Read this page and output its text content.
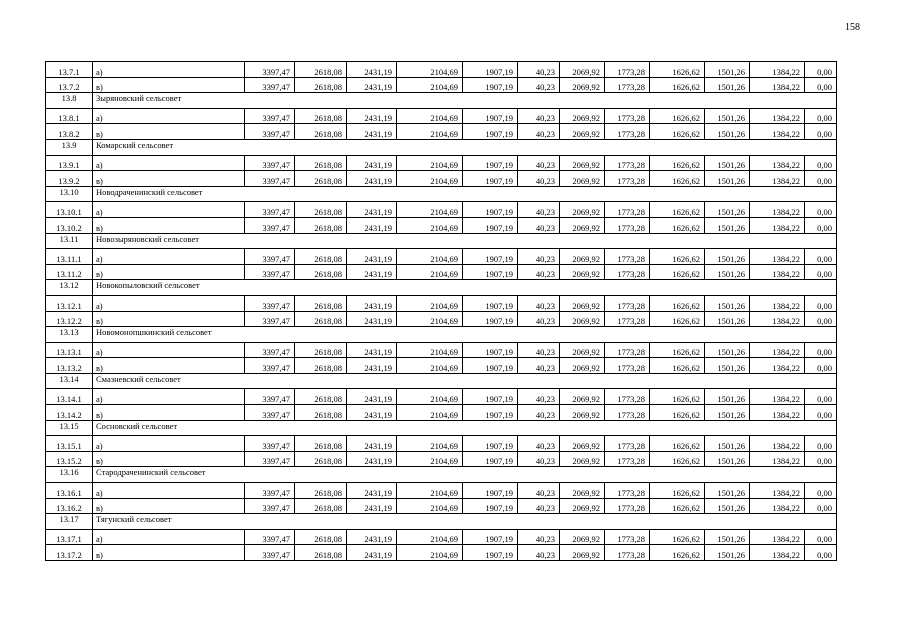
158
13.7.1	а)	3397,47	2618,08	2431,19	2104,69	1907,19	40,23	2069,92	1773,28	1626,62	1501,26	1384,22	0,00
13.7.2	в)	3397,47	2618,08	2431,19	2104,69	1907,19	40,23	2069,92	1773,28	1626,62	1501,26	1384,22	0,00
13.8	Зыряновский сельсовет												
13.8.1	а)	3397,47	2618,08	2431,19	2104,69	1907,19	40,23	2069,92	1773,28	1626,62	1501,26	1384,22	0,00
13.8.2	в)	3397,47	2618,08	2431,19	2104,69	1907,19	40,23	2069,92	1773,28	1626,62	1501,26	1384,22	0,00
13.9	Комарский сельсовет												
13.9.1	а)	3397,47	2618,08	2431,19	2104,69	1907,19	40,23	2069,92	1773,28	1626,62	1501,26	1384,22	0,00
13.9.2	в)	3397,47	2618,08	2431,19	2104,69	1907,19	40,23	2069,92	1773,28	1626,62	1501,26	1384,22	0,00
13.10	Новодраченинский сельсовет												
13.10.1	а)	3397,47	2618,08	2431,19	2104,69	1907,19	40,23	2069,92	1773,28	1626,62	1501,26	1384,22	0,00
13.10.2	в)	3397,47	2618,08	2431,19	2104,69	1907,19	40,23	2069,92	1773,28	1626,62	1501,26	1384,22	0,00
13.11	Новозыряновский сельсовет												
13.11.1	а)	3397,47	2618,08	2431,19	2104,69	1907,19	40,23	2069,92	1773,28	1626,62	1501,26	1384,22	0,00
13.11.2	в)	3397,47	2618,08	2431,19	2104,69	1907,19	40,23	2069,92	1773,28	1626,62	1501,26	1384,22	0,00
13.12	Новокопыловский сельсовет												
13.12.1	а)	3397,47	2618,08	2431,19	2104,69	1907,19	40,23	2069,92	1773,28	1626,62	1501,26	1384,22	0,00
13.12.2	в)	3397,47	2618,08	2431,19	2104,69	1907,19	40,23	2069,92	1773,28	1626,62	1501,26	1384,22	0,00
13.13	Новомонопшкинский сельсовет												
13.13.1	а)	3397,47	2618,08	2431,19	2104,69	1907,19	40,23	2069,92	1773,28	1626,62	1501,26	1384,22	0,00
13.13.2	в)	3397,47	2618,08	2431,19	2104,69	1907,19	40,23	2069,92	1773,28	1626,62	1501,26	1384,22	0,00
13.14	Смазневский сельсовет												
13.14.1	а)	3397,47	2618,08	2431,19	2104,69	1907,19	40,23	2069,92	1773,28	1626,62	1501,26	1384,22	0,00
13.14.2	в)	3397,47	2618,08	2431,19	2104,69	1907,19	40,23	2069,92	1773,28	1626,62	1501,26	1384,22	0,00
13.15	Сосновский сельсовет												
13.15.1	а)	3397,47	2618,08	2431,19	2104,69	1907,19	40,23	2069,92	1773,28	1626,62	1501,26	1384,22	0,00
13.15.2	в)	3397,47	2618,08	2431,19	2104,69	1907,19	40,23	2069,92	1773,28	1626,62	1501,26	1384,22	0,00
13.16	Стародраченинский сельсовет												
13.16.1	а)	3397,47	2618,08	2431,19	2104,69	1907,19	40,23	2069,92	1773,28	1626,62	1501,26	1384,22	0,00
13.16.2	в)	3397,47	2618,08	2431,19	2104,69	1907,19	40,23	2069,92	1773,28	1626,62	1501,26	1384,22	0,00
13.17	Тягунский сельсовет												
13.17.1	а)	3397,47	2618,08	2431,19	2104,69	1907,19	40,23	2069,92	1773,28	1626,62	1501,26	1384,22	0,00
13.17.2	в)	3397,47	2618,08	2431,19	2104,69	1907,19	40,23	2069,92	1773,28	1626,62	1501,26	1384,22	0,00
